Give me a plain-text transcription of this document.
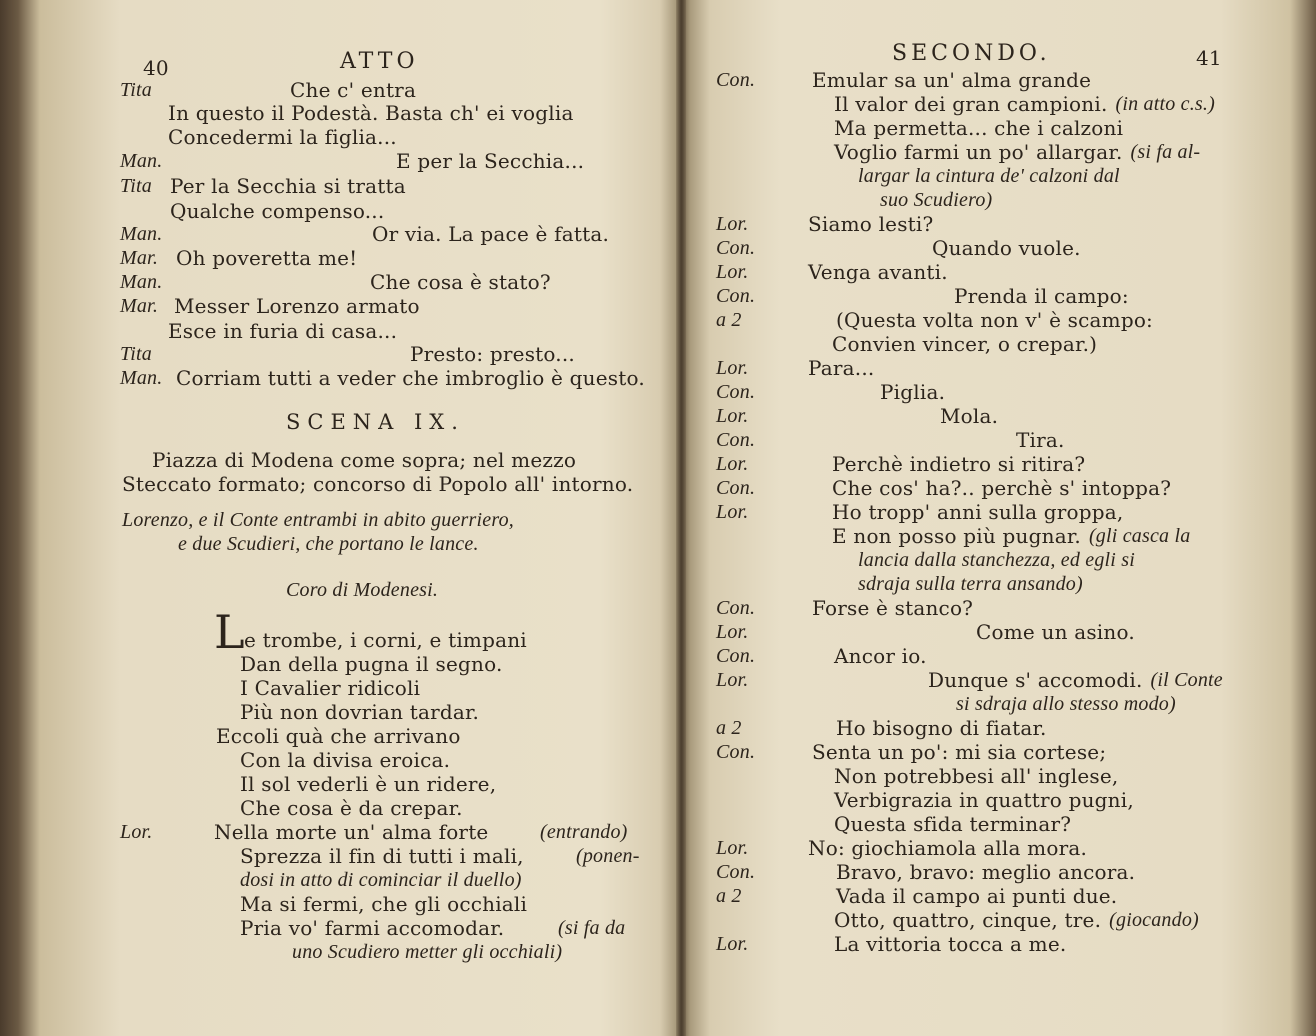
40	ATTO
Tita	Che c' entra
In questo il Podestà. Basta ch' ei voglia
Concedermi la figlia...
Man.	E per la Secchia...
Tita Per la Secchia si tratta
Qualche compenso...
Man.	Or via. La pace è fatta.
Mar. Oh poveretta me!
Man.	Che cosa è stato?
Mar. Messer Lorenzo armato
Esce in furia di casa...
Tita	Presto: presto...
Man. Corriam tutti a veder che imbroglio è questo.
SCENA IX.
Piazza di Modena come sopra; nel mezzo
Steccato formato; concorso di Popolo all' intorno.
Lorenzo, e il Conte entrambi in abito guerriero,
e due Scudieri, che portano le lance.
Coro di Modenesi.
L e trombe, i corni, e timpani
Dan della pugna il segno.
I Cavalier ridicoli
Più non dovrian tardar.
Eccoli quà che arrivano
Con la divisa eroica.
Il sol vederli è un ridere,
Che cosa è da crepar.
Lor.	Nella morte un' alma forte	(entrando)
Sprezza il fin di tutti i mali,	(ponen-
dosi in atto di cominciar il duello)
Ma si fermi, che gli occhiali
Pria vo' farmi accomodar.	(si fa da
uno Scudiero metter gli occhiali)
SECONDO.	41
Con.	Emular sa un' alma grande
Il valor dei gran campioni. (in atto c.s.)
Ma permetta... che i calzoni
Voglio farmi un po' allargar. (si fa al-
largar la cintura de' calzoni dal
suo Scudiero)
Lor.	Siamo lesti?
Con.	Quando vuole.
Lor.	Venga avanti.
Con.	Prenda il campo:
a 2	(Questa volta non v' è scampo:
Convien vincer, o crepar.)
Lor.	Para...
Con.	Piglia.
Lor.	Mola.
Con.	Tira.
Lor.	Perchè indietro si ritira?
Con.	Che cos' ha?.. perchè s' intoppa?
Lor.	Ho tropp' anni sulla groppa,
E non posso più pugnar. (gli casca la
lancia dalla stanchezza, ed egli si
sdraja sulla terra ansando)
Con.	Forse è stanco?
Lor.	Come un asino.
Con.	Ancor io.
Lor.	Dunque s' accomodi. (il Conte
si sdraja allo stesso modo)
a 2	Ho bisogno di fiatar.
Con.	Senta un po': mi sia cortese;
Non potrebbesi all' inglese,
Verbigrazia in quattro pugni,
Questa sfida terminar?
Lor.	No: giochiamola alla mora.
Con.	Bravo, bravo: meglio ancora.
a 2	Vada il campo ai punti due.
Otto, quattro, cinque, tre. (giocando)
Lor.	La vittoria tocca a me.
